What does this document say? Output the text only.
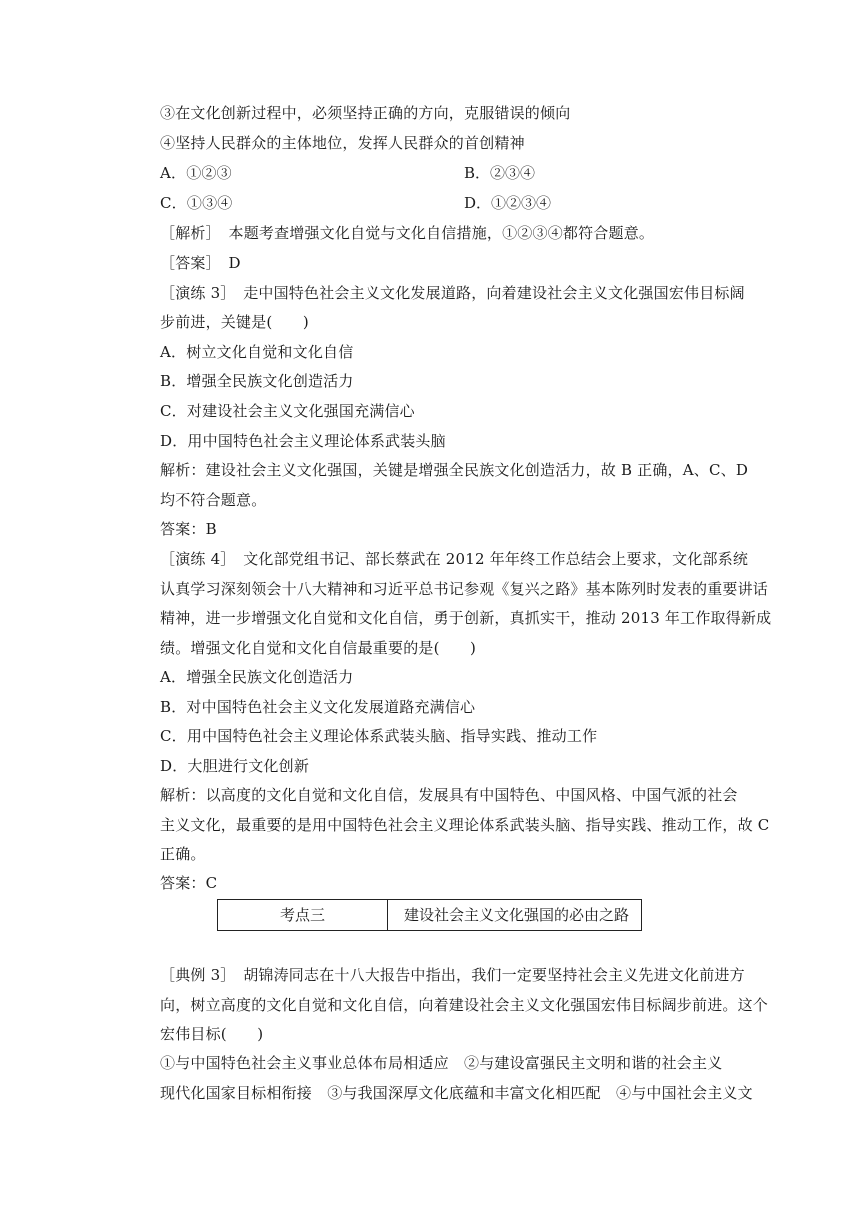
③在文化创新过程中，必须坚持正确的方向，克服错误的倾向
④坚持人民群众的主体地位，发挥人民群众的首创精神
A．①②③	B．②③④
C．①③④	D．①②③④
［解析］　本题考查增强文化自觉与文化自信措施，①②③④都符合题意。
［答案］　D
［演练 3］　走中国特色社会主义文化发展道路，向着建设社会主义文化强国宏伟目标阔
步前进，关键是(　　)
A．树立文化自觉和文化自信
B．增强全民族文化创造活力
C．对建设社会主义文化强国充满信心
D．用中国特色社会主义理论体系武装头脑
解析：建设社会主义文化强国，关键是增强全民族文化创造活力，故 B 正确，A、C、D
均不符合题意。
答案：B
［演练 4］　文化部党组书记、部长蔡武在 2012 年年终工作总结会上要求，文化部系统
认真学习深刻领会十八大精神和习近平总书记参观《复兴之路》基本陈列时发表的重要讲话
精神，进一步增强文化自觉和文化自信，勇于创新，真抓实干，推动 2013 年工作取得新成
绩。增强文化自觉和文化自信最重要的是(　　)
A．增强全民族文化创造活力
B．对中国特色社会主义文化发展道路充满信心
C．用中国特色社会主义理论体系武装头脑、指导实践、推动工作
D．大胆进行文化创新
解析：以高度的文化自觉和文化自信，发展具有中国特色、中国风格、中国气派的社会
主义文化，最重要的是用中国特色社会主义理论体系武装头脑、指导实践、推动工作，故 C
正确。
答案：C
考点三	建设社会主义文化强国的必由之路
［典例 3］　胡锦涛同志在十八大报告中指出，我们一定要坚持社会主义先进文化前进方
向，树立高度的文化自觉和文化自信，向着建设社会主义文化强国宏伟目标阔步前进。这个
宏伟目标(　　)
①与中国特色社会主义事业总体布局相适应　②与建设富强民主文明和谐的社会主义
现代化国家目标相衔接　③与我国深厚文化底蕴和丰富文化相匹配　④与中国社会主义文
